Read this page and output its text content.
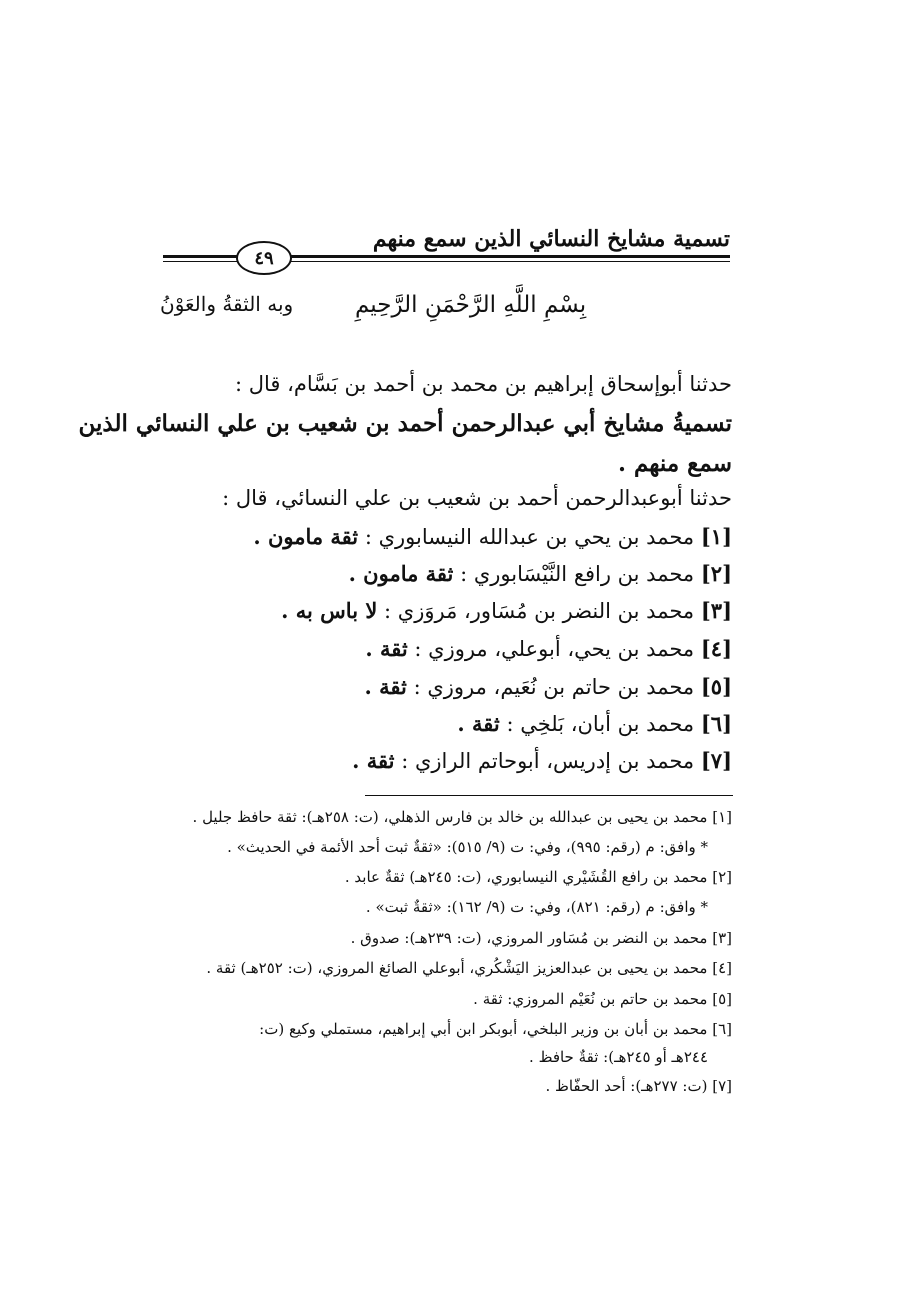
تسمية مشايخ النسائي الذين سمع منهم
٤٩
بِسْمِ اللَّهِ الرَّحْمَنِ الرَّحِيمِ
وبه الثقةُ والعَوْنُ
حدثنا أبوإسحاق إبراهيم بن محمد بن أحمد بن بَسَّام، قال :
تسميةُ مشايخ أبي عبدالرحمن أحمد بن شعيب بن علي النسائي الذين
سمع منهم .
حدثنا أبوعبدالرحمن أحمد بن شعيب بن علي النسائي، قال :
[١] محمد بن يحي بن عبدالله النيسابوري : ثقة مامون .
[٢] محمد بن رافع النَّيْسَابوري : ثقة مامون .
[٣] محمد بن النضر بن مُسَاور، مَروَزي : لا باس به .
[٤] محمد بن يحي، أبوعلي، مروزي : ثقة .
[٥] محمد بن حاتم بن نُعَيم، مروزي : ثقة .
[٦] محمد بن أبان، بَلخِي : ثقة .
[٧] محمد بن إدريس، أبوحاتم الرازي : ثقة .
[١] محمد بن يحيى بن عبدالله بن خالد بن فارس الذهلي، (ت: ٢٥٨هـ): ثقة حافظ جليل .
* وافق: م (رقم: ٩٩٥)، وفي: ت (٩/ ٥١٥): «ثقةٌ ثبت أحد الأئمة في الحديث» .
[٢] محمد بن رافع القُشَيْري النيسابوري، (ت: ٢٤٥هـ) ثقةٌ عابد .
* وافق: م (رقم: ٨٢١)، وفي: ت (٩/ ١٦٢): «ثقةٌ ثبت» .
[٣] محمد بن النضر بن مُسَاور المروزي، (ت: ٢٣٩هـ): صدوق .
[٤] محمد بن يحيى بن عبدالعزيز اليَشْكُري، أبوعلي الصائغ المروزي، (ت: ٢٥٢هـ) ثقة .
[٥] محمد بن حاتم بن نُعَيْم المروزي: ثقة .
[٦] محمد بن أبان بن وزير البلخي، أبوبكر ابن أبي إبراهيم، مستملي وكيع (ت:
٢٤٤هـ أو ٢٤٥هـ): ثقةٌ حافظ .
[٧] (ت: ٢٧٧هـ): أحد الحفّاظ .
